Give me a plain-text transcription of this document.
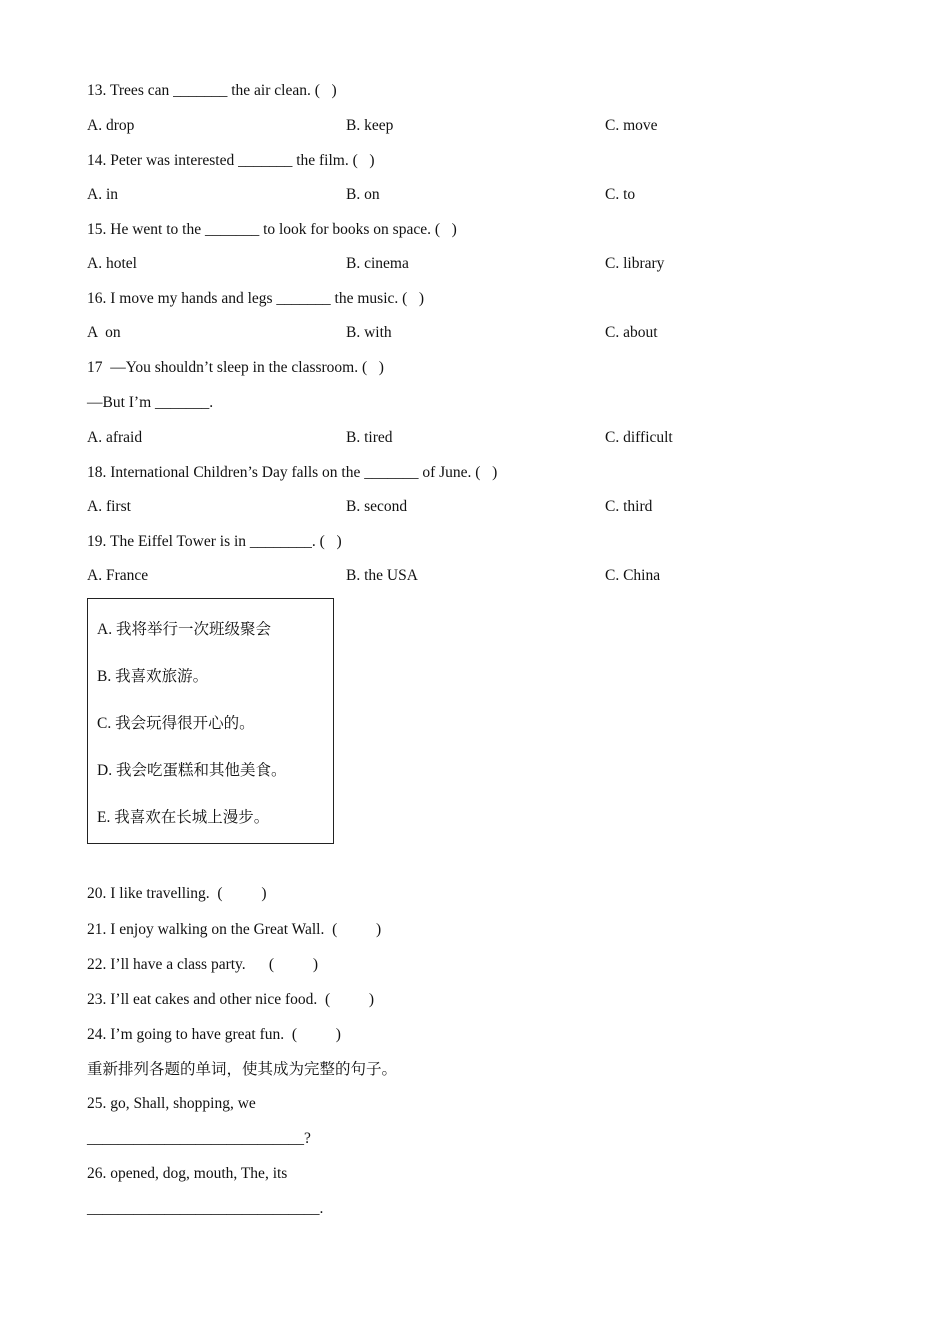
13. Trees can _______ the air clean. (   )
A. drop	B. keep	C. move
14. Peter was interested _______ the film. (   )
A. in	B. on	C. to
15. He went to the _______ to look for books on space. (   )
A. hotel	B. cinema	C. library
16. I move my hands and legs _______ the music. (   )
A  on	B. with	C. about
17  —You shouldn’t sleep in the classroom. (   )
—But I’m _______.
A. afraid	B. tired	C. difficult
18. International Children’s Day falls on the _______ of June. (   )
A. first	B. second	C. third
19. The Eiffel Tower is in ________. (   )
A. France	B. the USA	C. China
A. 我将举行一次班级聚会
B. 我喜欢旅游。
C. 我会玩得很开心的。
D. 我会吃蛋糕和其他美食。
E. 我喜欢在长城上漫步。
20. I like travelling.  (          )
21. I enjoy walking on the Great Wall.  (          )
22. I’ll have a class party.      (          )
23. I’ll eat cakes and other nice food.  (          )
24. I’m going to have great fun.  (          )
重新排列各题的单词，使其成为完整的句子。
25. go, Shall, shopping, we
____________________________?
26. opened, dog, mouth, The, its
______________________________.
